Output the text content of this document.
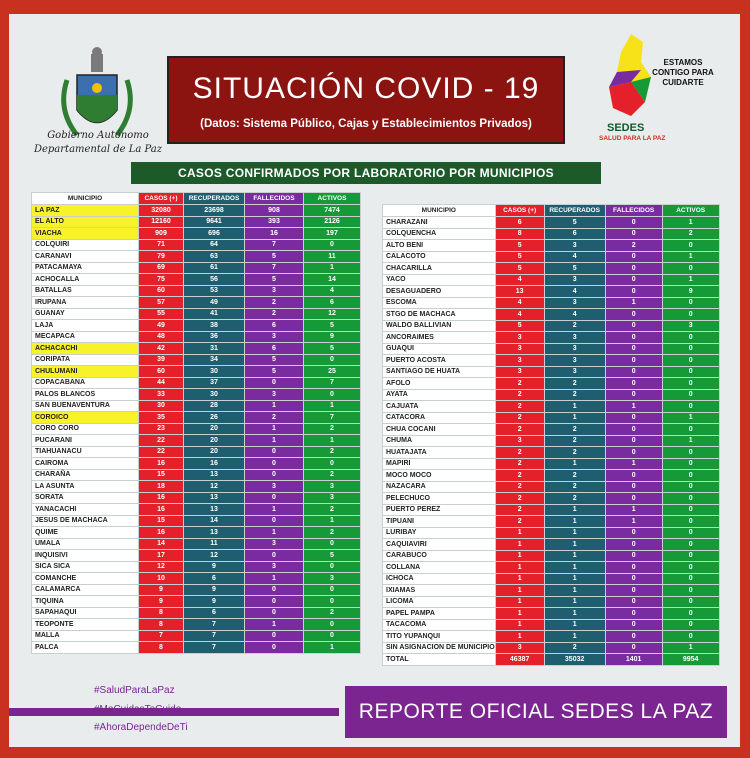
Gobierno Autónomo
Departamental de La Paz
SITUACIÓN COVID - 19
(Datos: Sistema Público, Cajas y Establecimientos Privados)
ESTAMOS CONTIGO PARA CUIDARTE
SEDES
SALUD PARA LA PAZ
CASOS CONFIRMADOS POR LABORATORIO POR MUNICIPIOS
MUNICIPIO	CASOS (+)	RECUPERADOS	FALLECIDOS	ACTIVOS
LA PAZ	32080	23698	908	7474
EL ALTO	12160	9641	393	2126
VIACHA	909	696	16	197
COLQUIRI	71	64	7	0
CARANAVI	79	63	5	11
PATACAMAYA	69	61	7	1
ACHOCALLA	75	56	5	14
BATALLAS	60	53	3	4
IRUPANA	57	49	2	6
GUANAY	55	41	2	12
LAJA	49	38	6	5
MECAPACA	48	36	3	9
ACHACACHI	42	31	6	5
CORIPATA	39	34	5	0
CHULUMANI	60	30	5	25
COPACABANA	44	37	0	7
PALOS BLANCOS	33	30	3	0
SAN BUENAVENTURA	30	28	1	1
COROICO	35	26	2	7
CORO CORO	23	20	1	2
PUCARANI	22	20	1	1
TIAHUANACU	22	20	0	2
CAIROMA	16	16	0	0
CHARAÑA	15	13	0	2
LA ASUNTA	18	12	3	3
SORATA	16	13	0	3
YANACACHI	16	13	1	2
JESUS DE MACHACA	15	14	0	1
QUIME	16	13	1	2
UMALA	14	11	3	0
INQUISIVI	17	12	0	5
SICA SICA	12	9	3	0
COMANCHE	10	6	1	3
CALAMARCA	9	9	0	0
TIQUINA	9	9	0	0
SAPAHAQUI	8	6	0	2
TEOPONTE	8	7	1	0
MALLA	7	7	0	0
PALCA	8	7	0	1
MUNICIPIO	CASOS (+)	RECUPERADOS	FALLECIDOS	ACTIVOS
CHARAZANI	6	5	0	1
COLQUENCHA	8	6	0	2
ALTO BENI	5	3	2	0
CALACOTO	5	4	0	1
CHACARILLA	5	5	0	0
YACO	4	3	0	1
DESAGUADERO	13	4	0	9
ESCOMA	4	3	1	0
STGO DE MACHACA	4	4	0	0
WALDO BALLIVIAN	5	2	0	3
ANCORAIMES	3	3	0	0
GUAQUI	3	3	0	0
PUERTO ACOSTA	3	3	0	0
SANTIAGO DE HUATA	3	3	0	0
AFOLO	2	2	0	0
AYATA	2	2	0	0
CAJUATA	2	1	1	0
CATACORA	2	1	0	1
CHUA COCANI	2	2	0	0
CHUMA	3	2	0	1
HUATAJATA	2	2	0	0
MAPIRI	2	1	1	0
MOCO MOCO	2	2	0	0
NAZACARA	2	2	0	0
PELECHUCO	2	2	0	0
PUERTO PEREZ	2	1	1	0
TIPUANI	2	1	1	0
LURIBAY	1	1	0	0
CAQUIAVIRI	1	1	0	0
CARABUCO	1	1	0	0
COLLANA	1	1	0	0
ICHOCA	1	1	0	0
IXIAMAS	1	1	0	0
LICOMA	1	1	0	0
PAPEL PAMPA	1	1	0	0
TACACOMA	1	1	0	0
TITO YUPANQUI	1	1	0	0
SIN ASIGNACION DE MUNICIPIO	3	2	0	1
TOTAL	46387	35032	1401	9954
#SaludParaLaPaz
#MeCuidasTeCuido
#AhoraDependeDeTi
REPORTE OFICIAL SEDES LA PAZ
